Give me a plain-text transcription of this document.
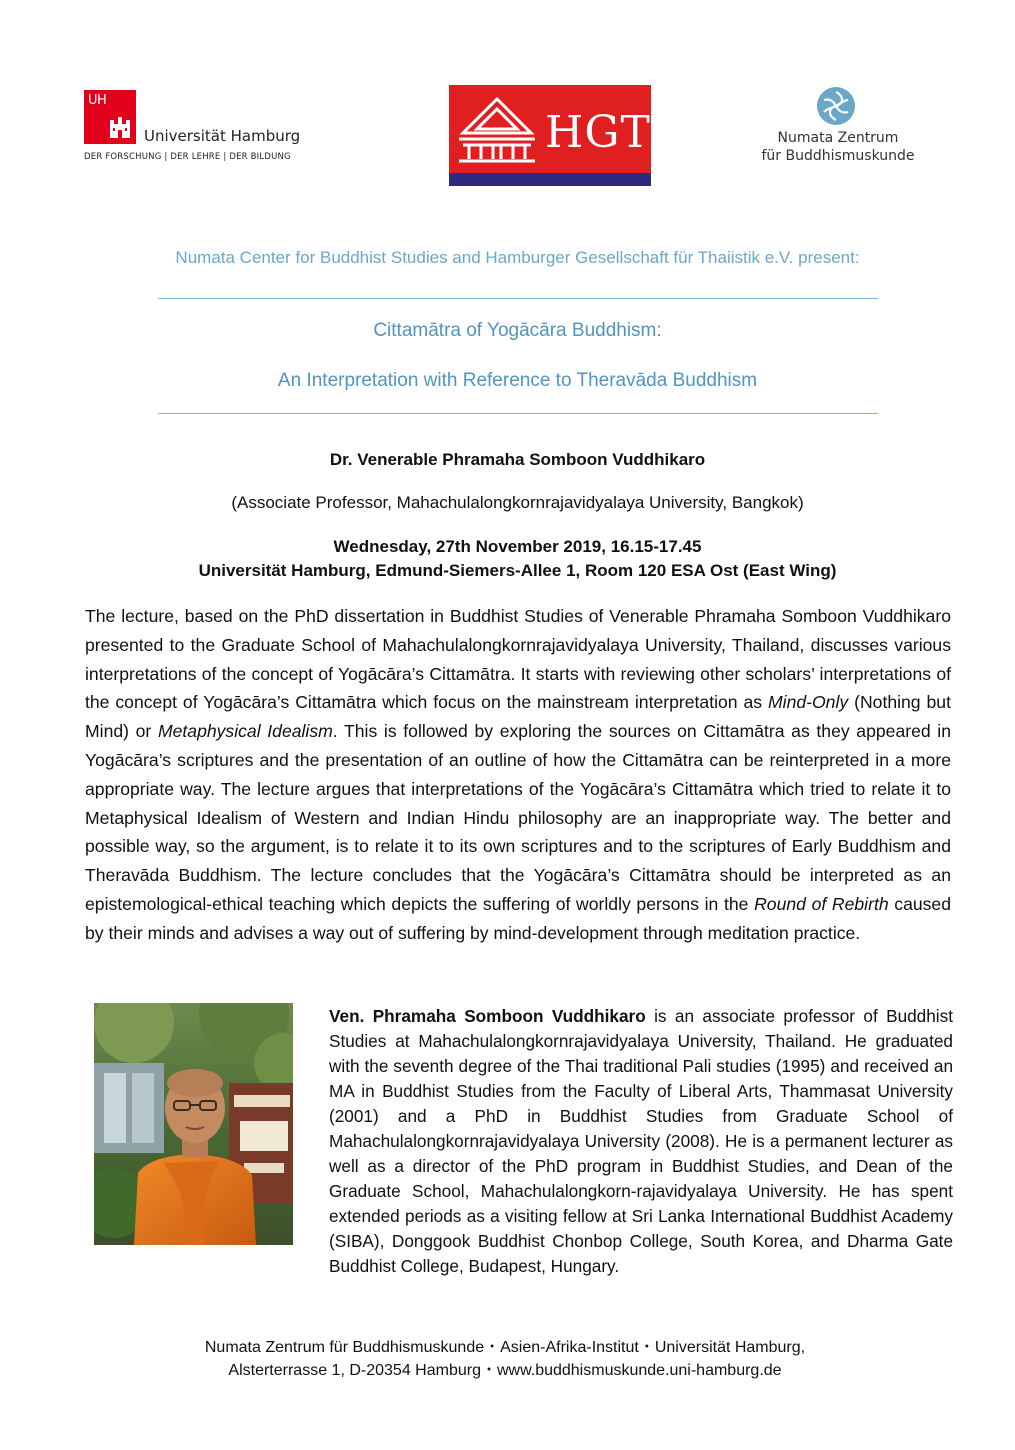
UH
Universität Hamburg
DER FORSCHUNG | DER LEHRE | DER BILDUNG	HGT	Numata Zentrum
für Buddhismuskunde
Numata Center for Buddhist Studies and Hamburger Gesellschaft für Thaiistik e.V. present:
Cittamātra of Yogācāra Buddhism:
An Interpretation with Reference to Theravāda Buddhism
Dr. Venerable Phramaha Somboon Vuddhikaro
(Associate Professor, Mahachulalongkornrajavidyalaya University, Bangkok)
Wednesday, 27th November 2019, 16.15-17.45
Universität Hamburg, Edmund-Siemers-Allee 1, Room 120 ESA Ost (East Wing)

The lecture, based on the PhD dissertation in Buddhist Studies of Venerable Phramaha Somboon Vuddhikaro presented to the Graduate School of Mahachulalongkornrajavidyalaya University, Thailand, discusses various interpretations of the concept of Yogācāra’s Cittamātra. It starts with reviewing other scholars’ interpretations of the concept of Yogācāra’s Cittamātra which focus on the mainstream interpretation as Mind-Only (Nothing but Mind) or Metaphysical Idealism. This is followed by exploring the sources on Cittamātra as they appeared in Yogācāra’s scriptures and the presentation of an outline of how the Cittamātra can be reinterpreted in a more appropriate way. The lecture argues that interpretations of the Yogācāra’s Cittamātra which tried to relate it to Metaphysical Idealism of Western and Indian Hindu philosophy are an inappropriate way. The better and possible way, so the argument, is to relate it to its own scriptures and to the scriptures of Early Buddhism and Theravāda Buddhism. The lecture concludes that the Yogācāra’s Cittamātra should be interpreted as an epistemological-ethical teaching which depicts the suffering of worldly persons in the Round of Rebirth caused by their minds and advises a way out of suffering by mind-development through meditation practice.

Ven. Phramaha Somboon Vuddhikaro is an associate professor of Buddhist Studies at Mahachulalongkornrajavidyalaya University, Thailand. He graduated with the seventh degree of the Thai traditional Pali studies (1995) and received an MA in Buddhist Studies from the Faculty of Liberal Arts, Thammasat University (2001) and a PhD in Buddhist Studies from Graduate School of Mahachulalongkornrajavidyalaya University (2008). He is a permanent lecturer as well as a director of the PhD program in Buddhist Studies, and Dean of the Graduate School, Mahachulalongkorn-rajavidyalaya University. He has spent extended periods as a visiting fellow at Sri Lanka International Buddhist Academy (SIBA), Donggook Buddhist Chonbop College, South Korea, and Dharma Gate Buddhist College, Budapest, Hungary.

Numata Zentrum für Buddhismuskunde・Asien-Afrika-Institut・Universität Hamburg,
Alsterterrasse 1, D-20354 Hamburg・www.buddhismuskunde.uni-hamburg.de
